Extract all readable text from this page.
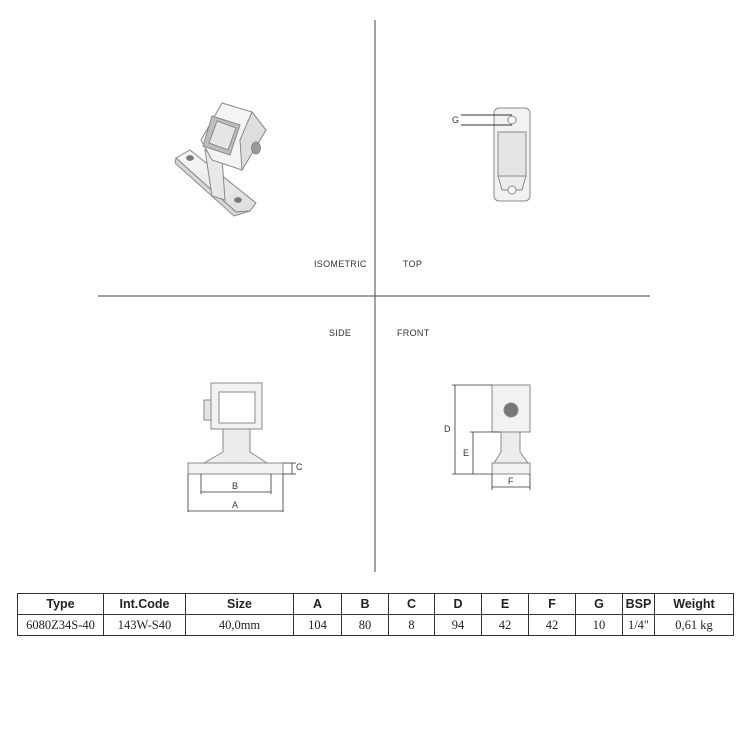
G
B
A
C
D
E
F
ISOMETRIC	TOP
SIDE	FRONT
Type	Int.Code	Size	A	B	C	D	E	F	G	BSP	Weight
6080Z34S-40	143W-S40	40,0mm	104	80	8	94	42	42	10	1/4"	0,61 kg
